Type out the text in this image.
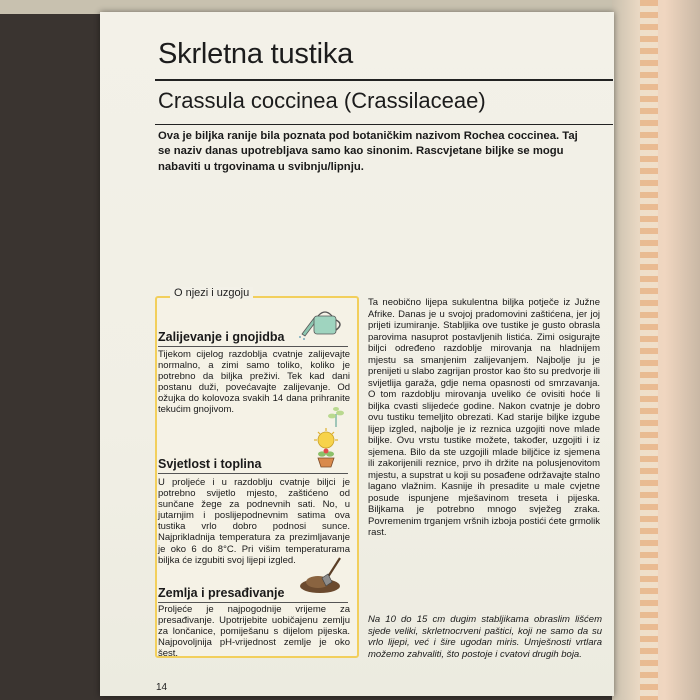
Skrletna tustika
Crassula coccinea (Crassilaceae)

Ova je biljka ranije bila poznata pod botaničkim nazivom Rochea coccinea. Taj se naziv danas upotrebljava samo kao sinonim. Rascvjetane biljke se mogu nabaviti u trgovinama u svibnju/lipnju.

O njezi i uzgoju
Zalijevanje i gnojidba

Tijekom cijelog razdoblja cvatnje zalijevajte normalno, a zimi samo toliko, koliko je potrebno da biljka preživi. Tek kad dani postanu duži, povećavajte zalijevanje. Od ožujka do kolovoza svakih 14 dana prihranite tekućim gnojivom.

Svjetlost i toplina

U proljeće i u razdoblju cvatnje biljci je potrebno svijetlo mjesto, zaštićeno od sunčane žege za podnevnih sati. No, u jutarnjim i poslijepodnevnim satima ova tustika vrlo dobro podnosi sunce. Najprikladnija temperatura za prezimljavanje je oko 6 do 8°C. Pri višim temperaturama biljka će izgubiti svoj lijepi izgled.

Zemlja i presađivanje

Proljeće je najpogodnije vrijeme za presađivanje. Upotrijebite uobičajenu zemlju za lončanice, pomiješanu s dijelom pijeska. Najpovoljnija pH-vrijednost zemlje je oko šest.

Ta neobično lijepa sukulentna biljka potječe iz Južne Afrike. Danas je u svojoj pradomovini zaštićena, jer joj prijeti izumiranje. Stabljika ove tustike je gusto obrasla parovima nasuprot postavljenih listića. Zimi osigurajte biljci određeno razdoblje mirovanja na hladnijem mjestu sa smanjenim zalijevanjem. Najbolje ju je prenijeti u slabo zagrijan prostor kao što su predvorje ili svijetlija garaža, gdje nema opasnosti od smrzavanja. O tom razdoblju mirovanja uveliko će ovisiti hoće li biljka cvasti slijedeće godine. Nakon cvatnje je dobro ovu tustiku temeljito obrezati. Kad starije biljke izgube lijep izgled, najbolje je iz reznica uzgojiti nove mlade biljke. Ovu vrstu tustike možete, također, uzgojiti i iz sjemena. Bilo da ste uzgojili mlade biljčice iz sjemena ili zakorijenili reznice, prvo ih držite na polusjenovitom mjestu, a supstrat u koji su posađene održavajte stalno lagano vlažnim. Kasnije ih presadite u male cvjetne posude ispunjene mješavinom treseta i pijeska. Biljkama je potrebno mnogo svježeg zraka. Povremenim trganjem vršnih izboja postići ćete grmolik rast.

Na 10 do 15 cm dugim stabljikama obraslim lišćem sjede veliki, skrletnocrveni paštici, koji ne samo da su vrlo lijepi, već i šire ugodan miris. Umješnosti vrtlara možemo zahvaliti, što postoje i cvatovi drugih boja.

14
